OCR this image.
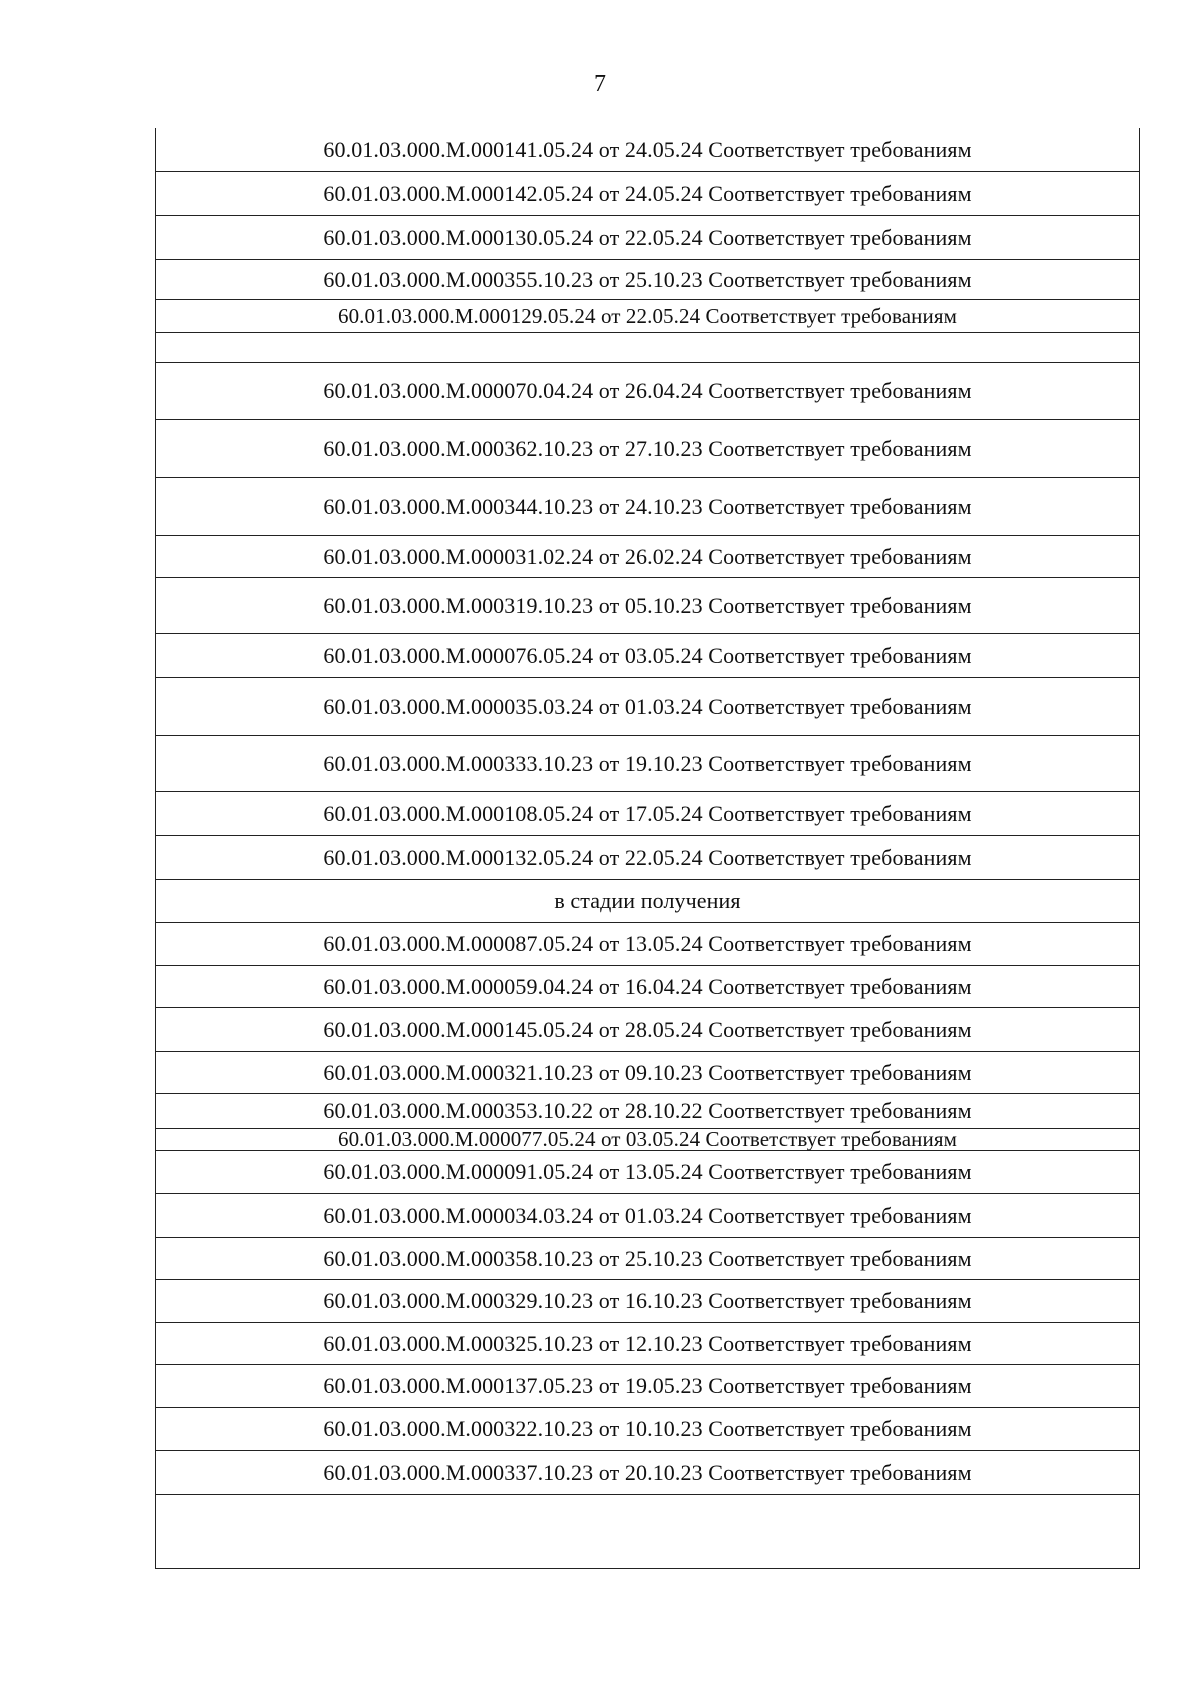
7
60.01.03.000.М.000141.05.24 от 24.05.24 Соответствует требованиям
60.01.03.000.М.000142.05.24 от 24.05.24 Соответствует требованиям
60.01.03.000.М.000130.05.24 от 22.05.24 Соответствует требованиям
60.01.03.000.М.000355.10.23 от 25.10.23 Соответствует требованиям
60.01.03.000.М.000129.05.24 от 22.05.24 Соответствует требованиям
60.01.03.000.М.000070.04.24 от 26.04.24 Соответствует требованиям
60.01.03.000.М.000362.10.23 от 27.10.23 Соответствует требованиям
60.01.03.000.М.000344.10.23 от 24.10.23 Соответствует требованиям
60.01.03.000.М.000031.02.24 от 26.02.24 Соответствует требованиям
60.01.03.000.М.000319.10.23 от 05.10.23 Соответствует требованиям
60.01.03.000.М.000076.05.24 от 03.05.24 Соответствует требованиям
60.01.03.000.М.000035.03.24 от 01.03.24 Соответствует требованиям
60.01.03.000.М.000333.10.23 от 19.10.23 Соответствует требованиям
60.01.03.000.М.000108.05.24 от 17.05.24 Соответствует требованиям
60.01.03.000.М.000132.05.24 от 22.05.24 Соответствует требованиям
в стадии получения
60.01.03.000.М.000087.05.24 от 13.05.24 Соответствует требованиям
60.01.03.000.М.000059.04.24 от 16.04.24 Соответствует требованиям
60.01.03.000.М.000145.05.24 от 28.05.24 Соответствует требованиям
60.01.03.000.М.000321.10.23 от 09.10.23 Соответствует требованиям
60.01.03.000.М.000353.10.22 от 28.10.22 Соответствует требованиям
60.01.03.000.М.000077.05.24 от 03.05.24 Соответствует требованиям
60.01.03.000.М.000091.05.24 от 13.05.24 Соответствует требованиям
60.01.03.000.М.000034.03.24 от 01.03.24 Соответствует требованиям
60.01.03.000.М.000358.10.23 от 25.10.23 Соответствует требованиям
60.01.03.000.М.000329.10.23 от 16.10.23 Соответствует требованиям
60.01.03.000.М.000325.10.23 от 12.10.23 Соответствует требованиям
60.01.03.000.М.000137.05.23 от 19.05.23 Соответствует требованиям
60.01.03.000.М.000322.10.23 от 10.10.23 Соответствует требованиям
60.01.03.000.М.000337.10.23 от 20.10.23 Соответствует требованиям
